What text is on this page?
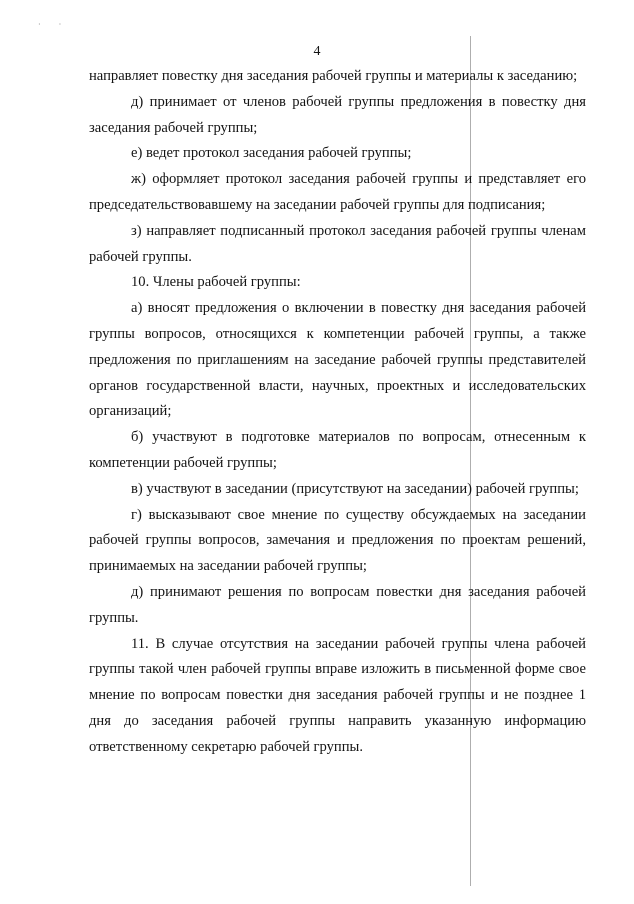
·         ·
4

направляет повестку дня заседания рабочей группы и материалы к заседанию;

д) принимает от членов рабочей группы предложения в повестку дня заседания рабочей группы;

е) ведет протокол заседания рабочей группы;

ж) оформляет протокол заседания рабочей группы и представляет его председательствовавшему на заседании рабочей группы для подписания;

з) направляет подписанный протокол заседания рабочей группы членам рабочей группы.

10. Члены рабочей группы:

а) вносят предложения о включении в повестку дня заседания рабочей группы вопросов, относящихся к компетенции рабочей группы, а также предложения по приглашениям на заседание рабочей группы представителей органов государственной власти, научных, проектных и исследовательских организаций;

б) участвуют в подготовке материалов по вопросам, отнесенным к компетенции рабочей группы;

в) участвуют в заседании (присутствуют на заседании) рабочей группы;

г) высказывают свое мнение по существу обсуждаемых на заседании рабочей группы вопросов, замечания и предложения по проектам решений, принимаемых на заседании рабочей группы;

д) принимают решения по вопросам повестки дня заседания рабочей группы.

11. В случае отсутствия на заседании рабочей группы члена рабочей группы такой член рабочей группы вправе изложить в письменной форме свое мнение по вопросам повестки дня заседания рабочей группы и не позднее 1 дня до заседания рабочей группы направить указанную информацию ответственному секретарю рабочей группы.
